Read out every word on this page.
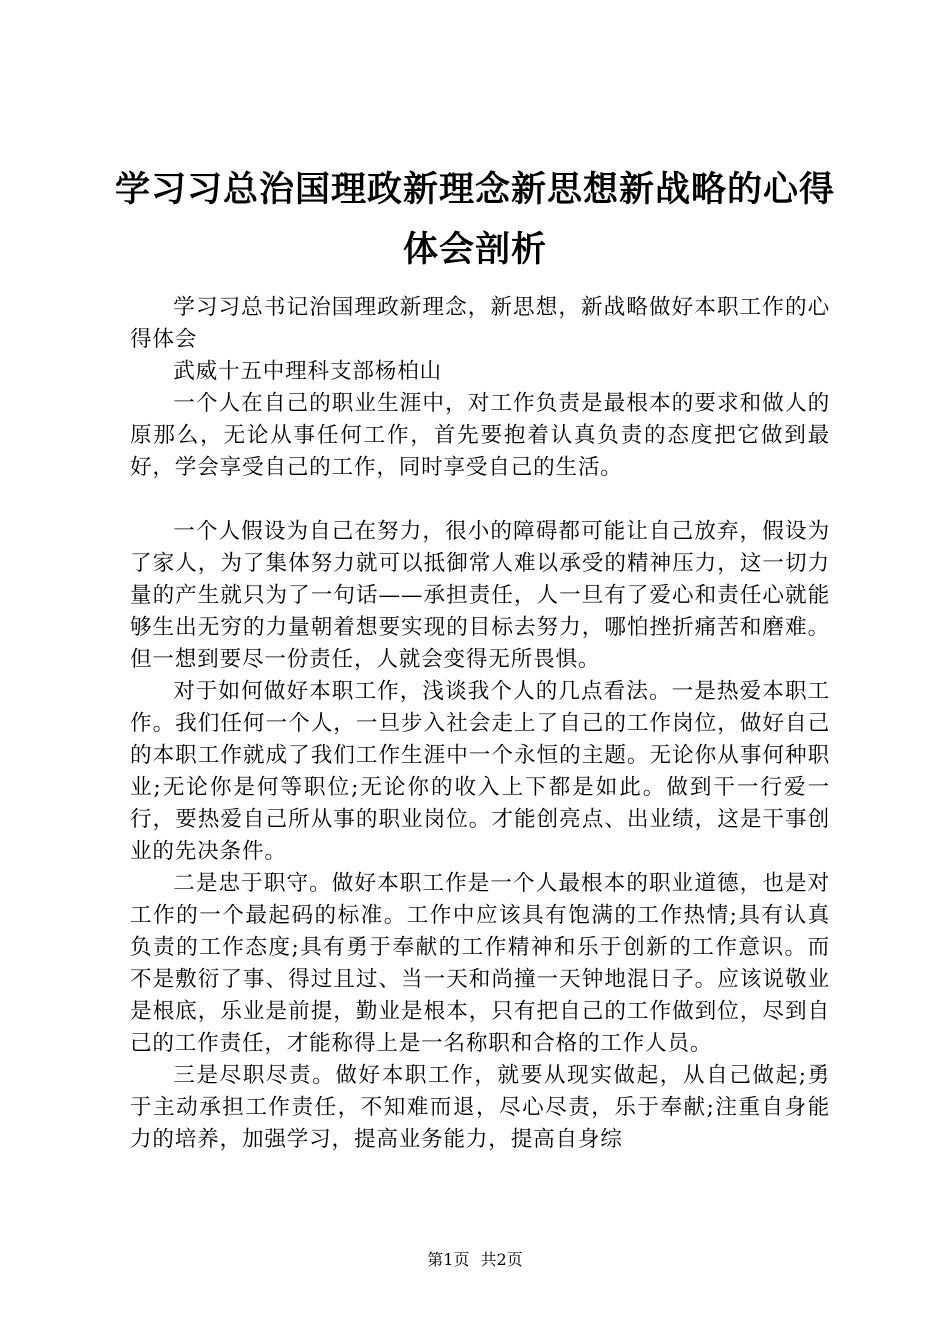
学习习总治国理政新理念新思想新战略的心得
体会剖析

学习习总书记治国理政新理念，新思想，新战略做好本职工作的心得体会

武威十五中理科支部杨柏山

一个人在自己的职业生涯中，对工作负责是最根本的要求和做人的原那么，无论从事任何工作，首先要抱着认真负责的态度把它做到最好，学会享受自己的工作，同时享受自己的生活。

一个人假设为自己在努力，很小的障碍都可能让自己放弃，假设为了家人，为了集体努力就可以抵御常人难以承受的精神压力，这一切力量的产生就只为了一句话——承担责任，人一旦有了爱心和责任心就能够生出无穷的力量朝着想要实现的目标去努力，哪怕挫折痛苦和磨难。但一想到要尽一份责任，人就会变得无所畏惧。

对于如何做好本职工作，浅谈我个人的几点看法。一是热爱本职工作。我们任何一个人，一旦步入社会走上了自己的工作岗位，做好自己的本职工作就成了我们工作生涯中一个永恒的主题。无论你从事何种职业;无论你是何等职位;无论你的收入上下都是如此。做到干一行爱一行，要热爱自己所从事的职业岗位。才能创亮点、出业绩，这是干事创业的先决条件。

二是忠于职守。做好本职工作是一个人最根本的职业道德，也是对工作的一个最起码的标准。工作中应该具有饱满的工作热情;具有认真负责的工作态度;具有勇于奉献的工作精神和乐于创新的工作意识。而不是敷衍了事、得过且过、当一天和尚撞一天钟地混日子。应该说敬业是根底，乐业是前提，勤业是根本，只有把自己的工作做到位，尽到自己的工作责任，才能称得上是一名称职和合格的工作人员。

三是尽职尽责。做好本职工作，就要从现实做起，从自己做起;勇于主动承担工作责任，不知难而退，尽心尽责，乐于奉献;注重自身能力的培养，加强学习，提高业务能力，提高自身综

第1页 共2页
